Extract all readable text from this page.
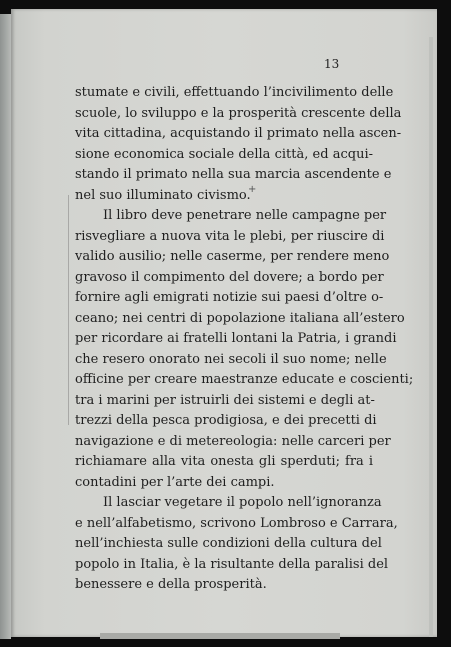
13
+
stumate e civili, effettuando l’incivilimento delle
scuole, lo sviluppo e la prosperità crescente della
vita cittadina, acquistando il primato nella ascen-
sione economica sociale della città, ed acqui-
stando il primato nella sua marcia ascendente e
nel suo illuminato civismo.
Il libro deve penetrare nelle campagne per
risvegliare a nuova vita le plebi, per riuscire di
valido ausilio; nelle caserme, per rendere meno
gravoso il compimento del dovere; a bordo per
fornire agli emigrati notizie sui paesi d’oltre o-
ceano; nei centri di popolazione italiana all’estero
per ricordare ai fratelli lontani la Patria, i grandi
che resero onorato nei secoli il suo nome; nelle
officine per creare maestranze educate e coscienti;
tra i marini per istruirli dei sistemi e degli at-
trezzi della pesca prodigiosa, e dei precetti di
navigazione e di metereologia: nelle carceri per
richiamare alla vita onesta gli sperduti; fra i
contadini per l’arte dei campi.
Il lasciar vegetare il popolo nell’ignoranza
e nell’alfabetismo, scrivono Lombroso e Carrara,
nell’inchiesta sulle condizioni della cultura del
popolo in Italia, è la risultante della paralisi del
benessere e della prosperità.
